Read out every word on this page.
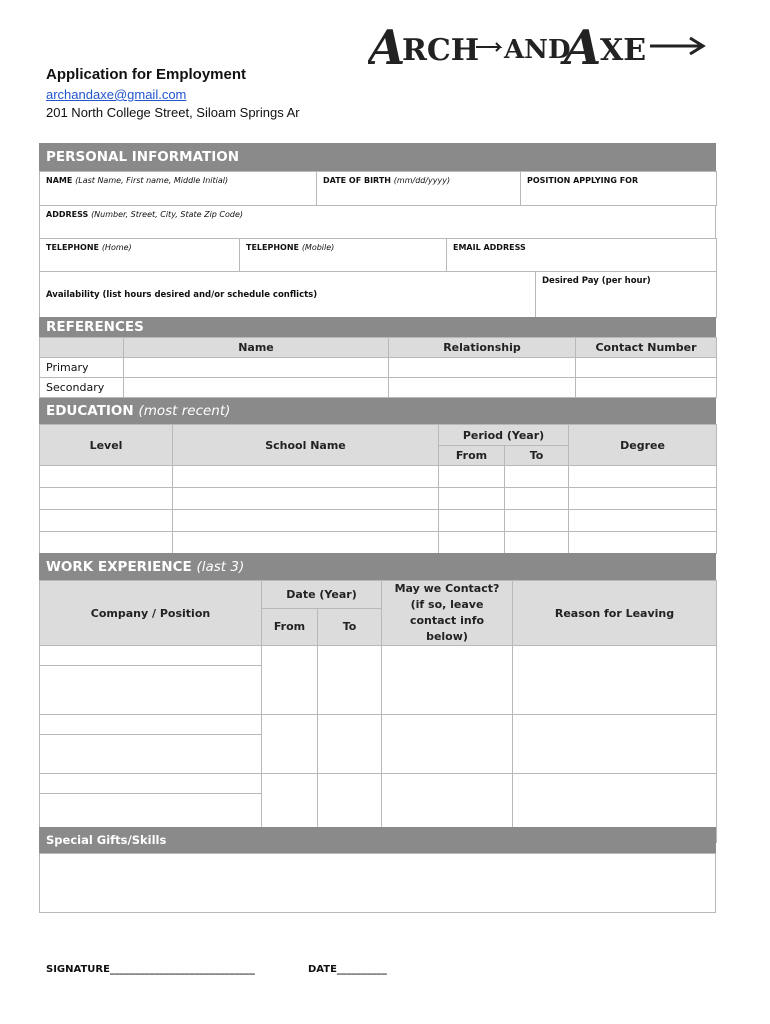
A
RCH AND
A
XE
Application for Employment
archandaxe@gmail.com
201 North College Street, Siloam Springs Ar
PERSONAL INFORMATION
NAME (Last Name, First name, Middle Initial)	DATE OF BIRTH (mm/dd/yyyy)	POSITION APPLYING FOR
ADDRESS (Number, Street, City, State Zip Code)
TELEPHONE (Home)	TELEPHONE (Mobile)	EMAIL ADDRESS
Availability (list hours desired and/or schedule conflicts)	Desired Pay (per hour)
REFERENCES
	Name	Relationship	Contact Number
Primary			
Secondary			
EDUCATION
(most recent)
Level	School Name	Period (Year)		Degree
		From	To	

WORK EXPERIENCE
(last 3)
Company / Position	Date (Year)		May we Contact? (if so, leave contact info below)	Reason for Leaving
	From	To		

Special Gifts/Skills
SIGNATURE_____________________________	DATE__________
